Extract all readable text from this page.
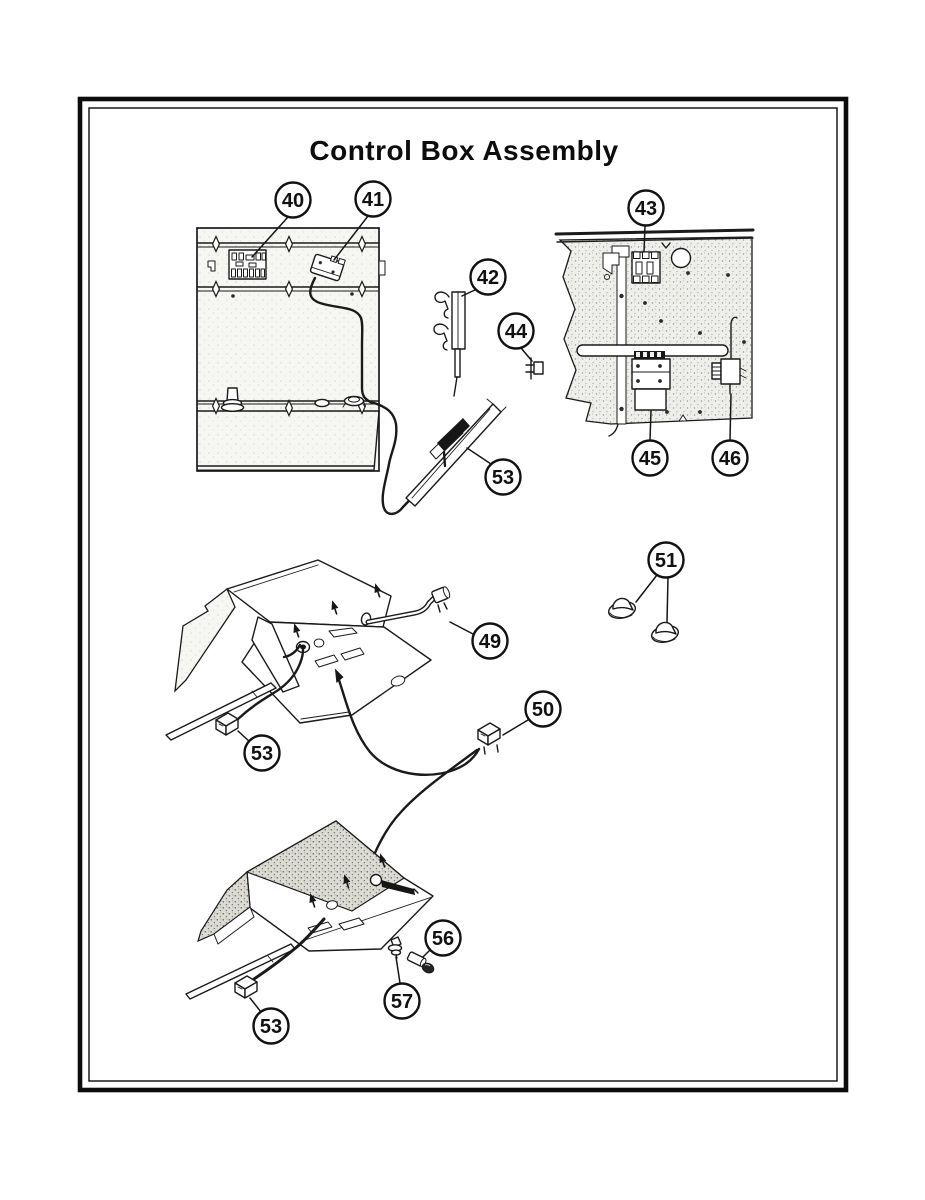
Control Box Assembly
40	41
42
43
44
45	46
49
50
51
53
53
53
56
57
